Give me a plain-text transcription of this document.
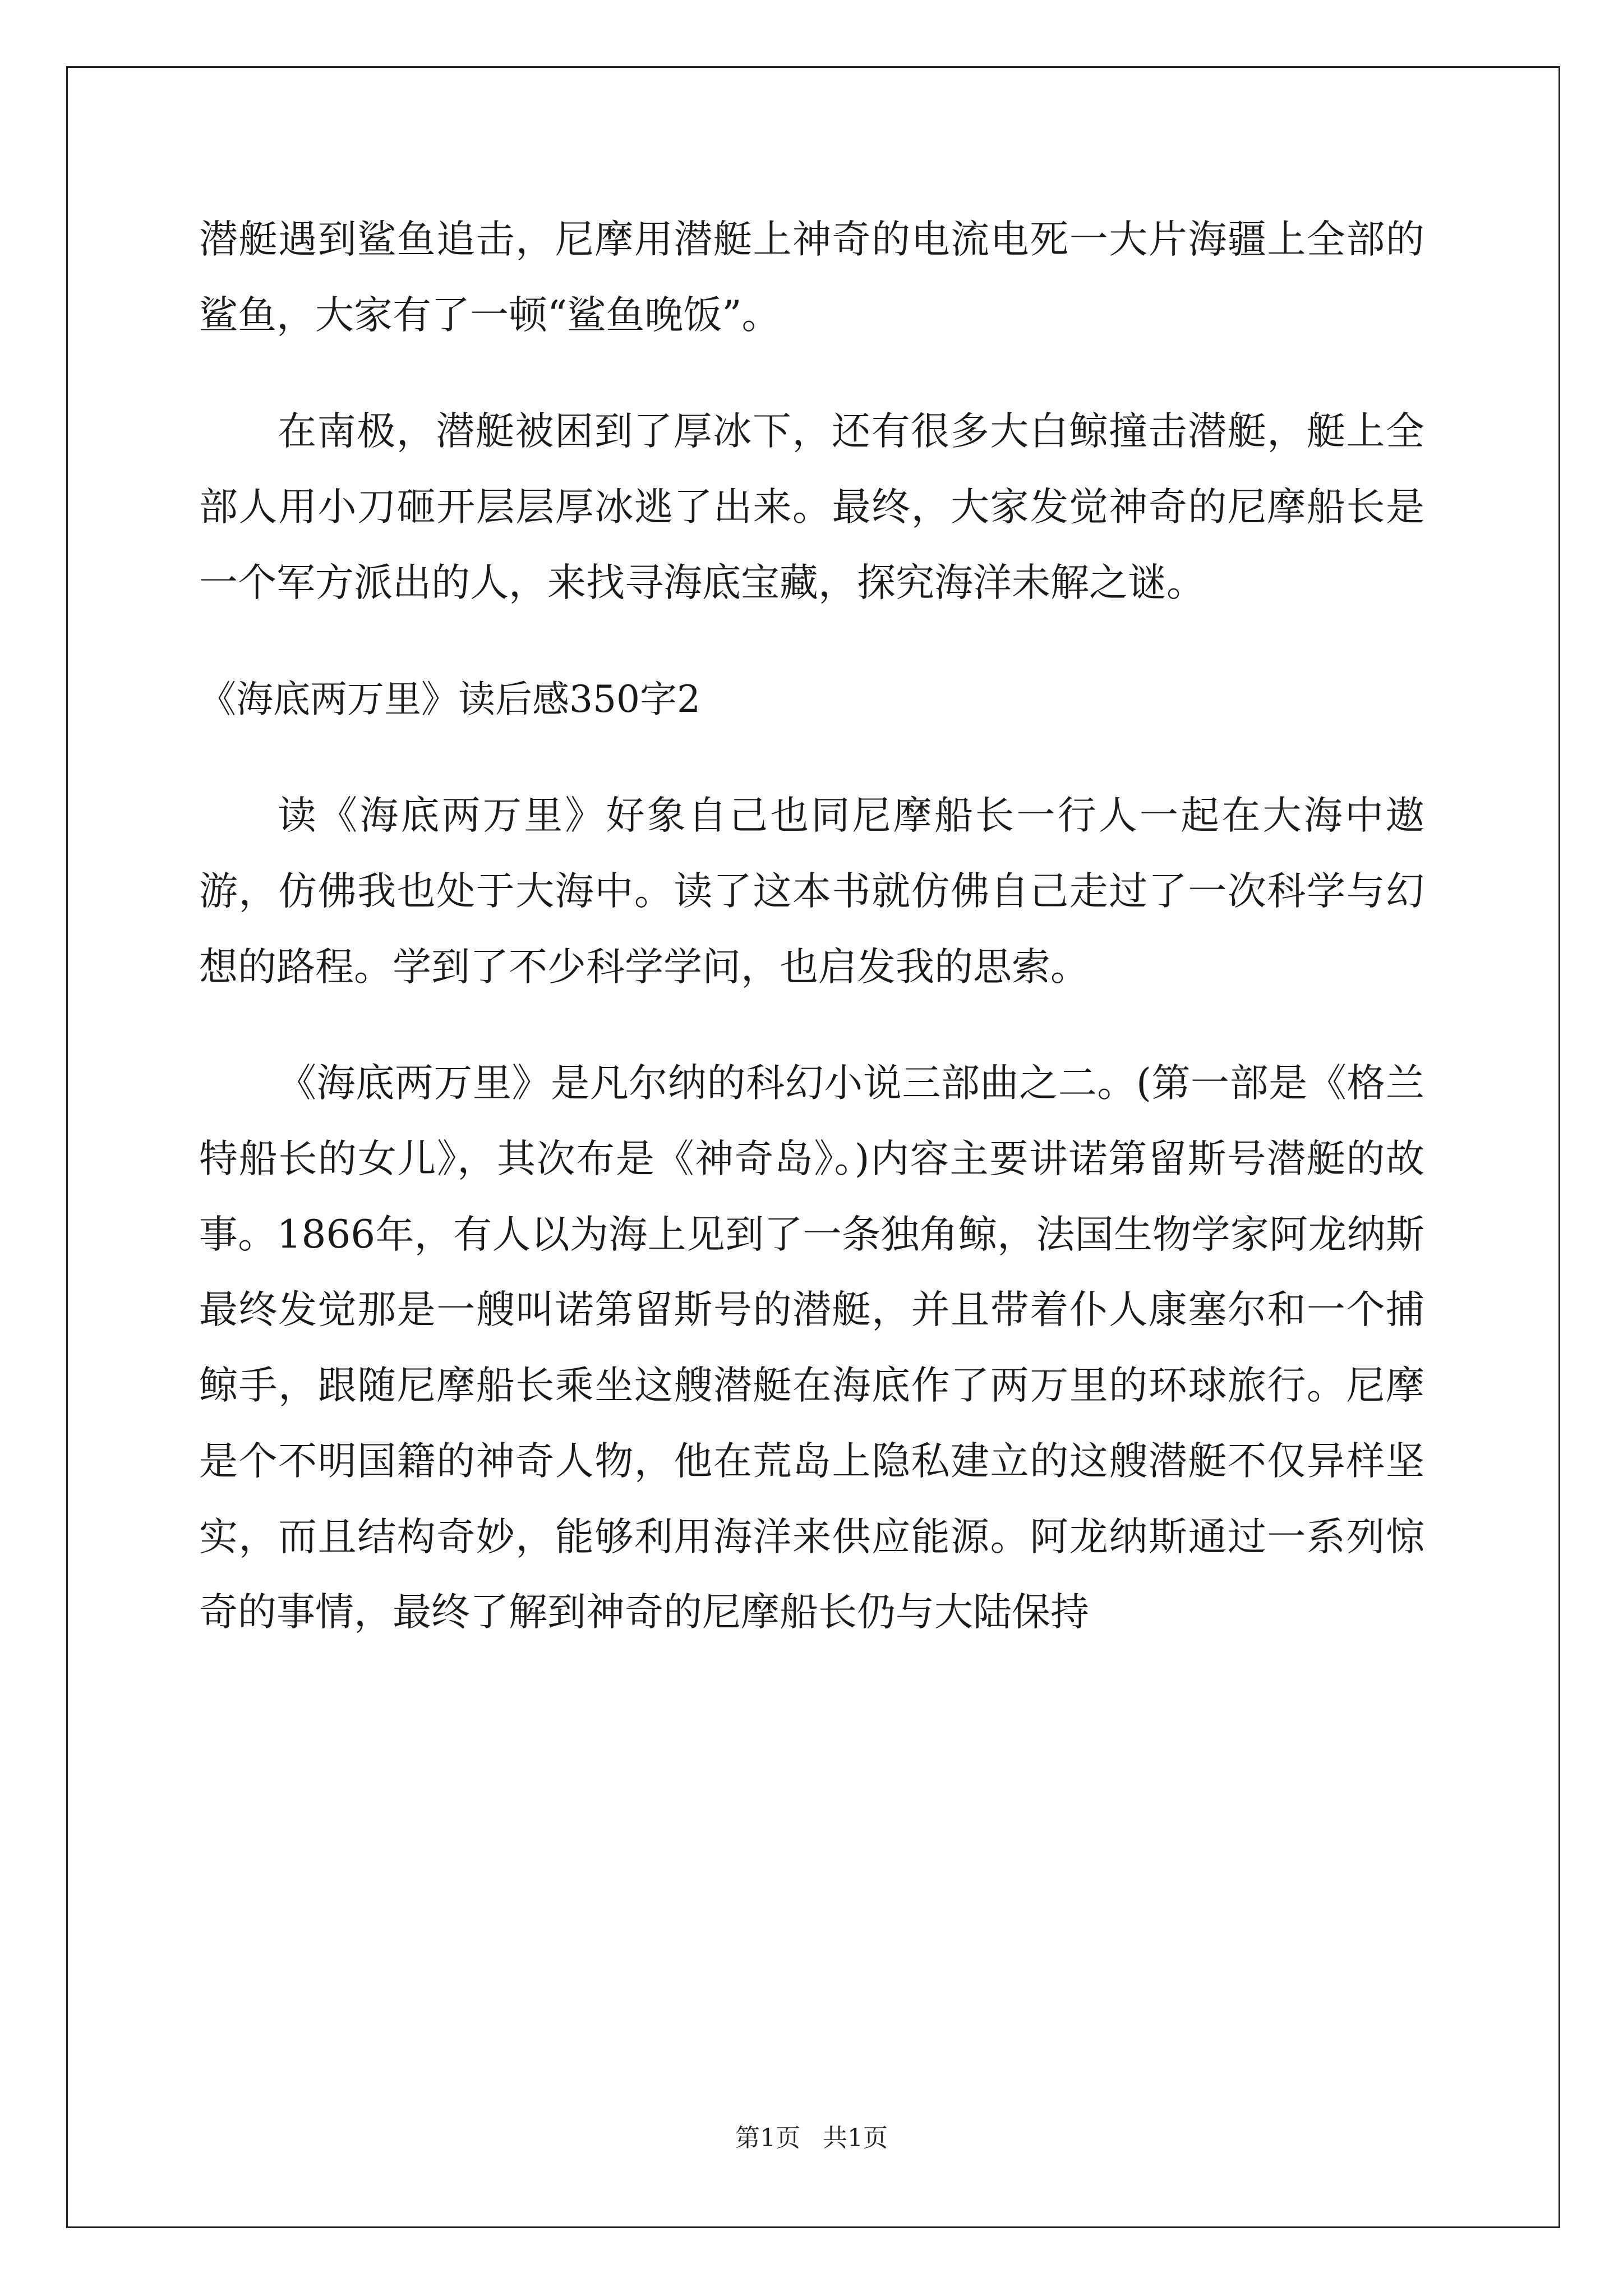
潜艇遇到鲨鱼追击，尼摩用潜艇上神奇的电流电死一大片海疆上全部的鲨鱼，大家有了一顿“鲨鱼晚饭”。

在南极，潜艇被困到了厚冰下，还有很多大白鲸撞击潜艇，艇上全部人用小刀砸开层层厚冰逃了出来。最终，大家发觉神奇的尼摩船长是一个军方派出的人，来找寻海底宝藏，探究海洋未解之谜。

《海底两万里》读后感350字2

读《海底两万里》好象自己也同尼摩船长一行人一起在大海中遨游，仿佛我也处于大海中。读了这本书就仿佛自己走过了一次科学与幻想的路程。学到了不少科学学问，也启发我的思索。

《海底两万里》是凡尔纳的科幻小说三部曲之二。(第一部是《格兰特船长的女儿》，其次布是《神奇岛》。)内容主要讲诺第留斯号潜艇的故事。1866年，有人以为海上见到了一条独角鲸，法国生物学家阿龙纳斯最终发觉那是一艘叫诺第留斯号的潜艇，并且带着仆人康塞尔和一个捕鲸手，跟随尼摩船长乘坐这艘潜艇在海底作了两万里的环球旅行。尼摩是个不明国籍的神奇人物，他在荒岛上隐私建立的这艘潜艇不仅异样坚实，而且结构奇妙，能够利用海洋来供应能源。阿龙纳斯通过一系列惊奇的事情，最终了解到神奇的尼摩船长仍与大陆保持

第1页 共1页
